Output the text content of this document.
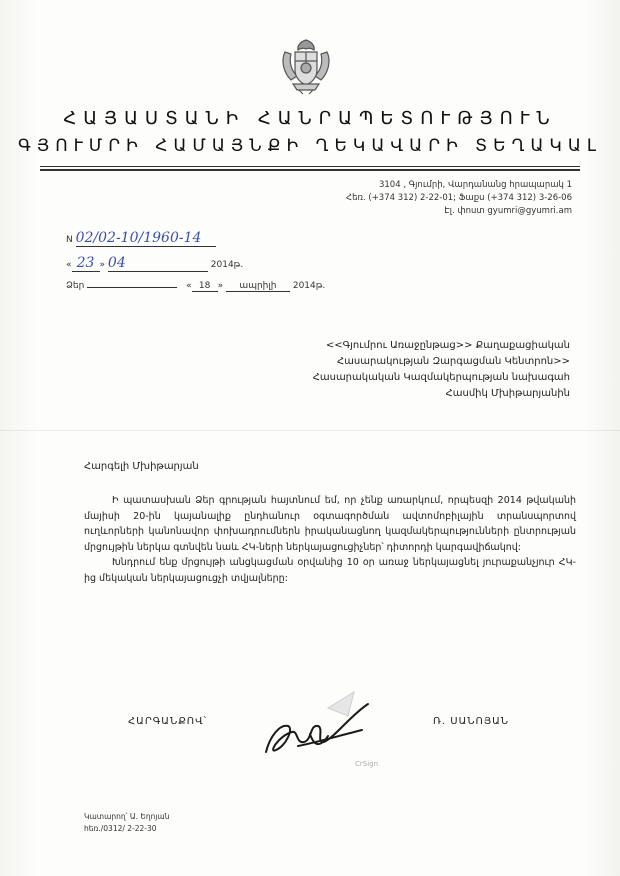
ՀԱՅԱՍՏԱՆԻ ՀԱՆՐԱՊԵՏՈՒԹՅՈՒՆ
ԳՅՈՒՄՐԻ ՀԱՄԱՅՆՔԻ ՂԵԿԱՎԱՐԻ ՏԵՂԱԿԱԼ
3104 , Գյումրի, Վարդանանց հրապարակ 1
Հեռ. (+374 312) 2-22-01; Ֆաքս (+374 312) 3-26-06
Էլ. փոստ gyumri@gyumri.am
N 02/02-10/1960-14
« 23 » 04	2014թ.
Ձեր	« 18 » ապրիլի 2014թ.
<<Գյումրու Առաջընթաց>> Քաղաքացիական
Հասարակության Զարգացման Կենտրոն>>
Հասարակական Կազմակերպության նախագահ
Հասմիկ Մխիթարյանին
Հարգելի Մխիթարյան

Ի պատասխան Ձեր գրության հայտնում եմ, որ չենք առարկում, որպեսզի 2014 թվականի մայիսի 20-ին կայանալիք ընդհանուր օգտագործման ավտոմոբիլային տրանսպորտով ուղևորների կանոնավոր փոխադրումներն իրականացնող կազմակերպությունների ընտրության մրցույթին ներկա գտնվեն նաև ՀԿ-ների ներկայացուցիչներ՝ դիտորդի կարգավիճակով:

Խնդրում ենք մրցույթի անցկացման օրվանից 10 օր առաջ ներկայացնել յուրաքանչյուր ՀԿ-ից մեկական ներկայացուցչի տվյալները:

ՀԱՐԳԱՆՔՈՎ՝	Ռ. ՍԱՆՈՅԱՆ
CrSign
Կատարող՝ Ա. Եղոյան
հեռ./0312/ 2-22-30
